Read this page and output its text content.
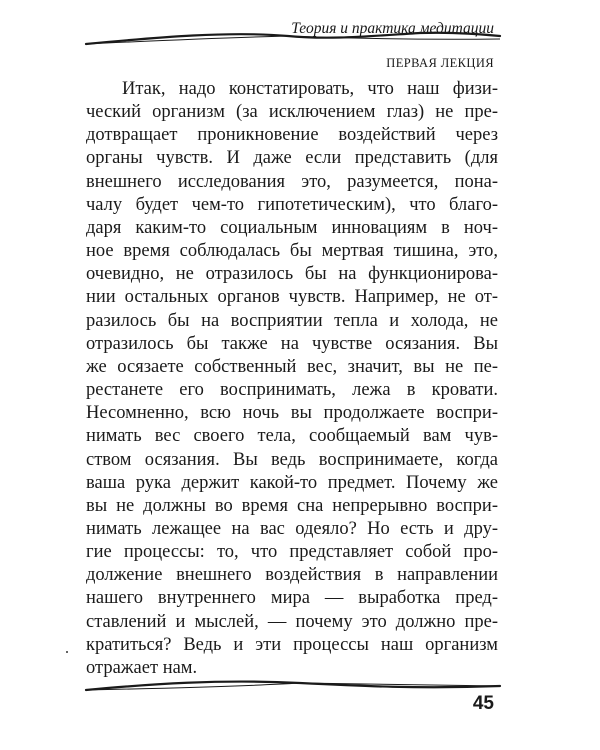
Теория и практика медитации
ПЕРВАЯ ЛЕКЦИЯ
Итак, надо констатировать, что наш физи-
ческий организм (за исключением глаз) не пре-
дотвращает проникновение воздействий через
органы чувств. И даже если представить (для
внешнего исследования это, разумеется, пона-
чалу будет чем-то гипотетическим), что благо-
даря каким-то социальным инновациям в ноч-
ное время соблюдалась бы мертвая тишина, это,
очевидно, не отразилось бы на функционирова-
нии остальных органов чувств. Например, не от-
разилось бы на восприятии тепла и холода, не
отразилось бы также на чувстве осязания. Вы
же осязаете собственный вес, значит, вы не пе-
рестанете его воспринимать, лежа в кровати.
Несомненно, всю ночь вы продолжаете воспри-
нимать вес своего тела, сообщаемый вам чув-
ством осязания. Вы ведь воспринимаете, когда
ваша рука держит какой-то предмет. Почему же
вы не должны во время сна непрерывно воспри-
нимать лежащее на вас одеяло? Но есть и дру-
гие процессы: то, что представляет собой про-
должение внешнего воздействия в направлении
нашего внутреннего мира — выработка пред-
ставлений и мыслей, — почему это должно пре-
кратиться? Ведь и эти процессы наш организм
отражает нам.
45
